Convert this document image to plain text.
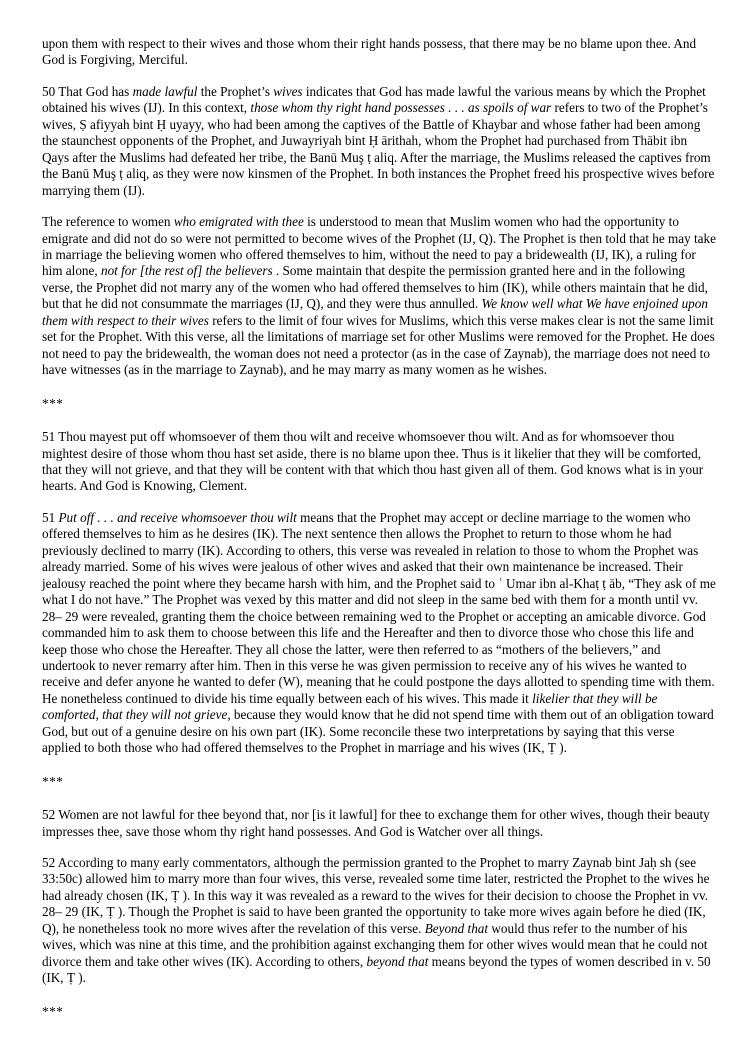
upon them with respect to their wives and those whom their right hands possess, that there may be no blame upon thee. And God is Forgiving, Merciful.

50 That God has made lawful the Prophet’s wives indicates that God has made lawful the various means by which the Prophet obtained his wives (IJ). In this context, those whom thy right hand possesses . . . as spoils of war refers to two of the Prophet’s wives, Ṣ afiyyah bint Ḥ uyayy, who had been among the captives of the Battle of Khaybar and whose father had been among the staunchest opponents of the Prophet, and Juwayriyah bint Ḥ ārithah, whom the Prophet had purchased from Thābit ibn Qays after the Muslims had defeated her tribe, the Banū Muş ṭ aliq. After the marriage, the Muslims released the captives from the Banū Muş ṭ aliq, as they were now kinsmen of the Prophet. In both instances the Prophet freed his prospective wives before marrying them (IJ).

The reference to women who emigrated with thee is understood to mean that Muslim women who had the opportunity to emigrate and did not do so were not permitted to become wives of the Prophet (IJ, Q). The Prophet is then told that he may take in marriage the believing women who offered themselves to him, without the need to pay a bridewealth (IJ, IK), a ruling for him alone, not for [the rest of] the believers . Some maintain that despite the permission granted here and in the following verse, the Prophet did not marry any of the women who had offered themselves to him (IK), while others maintain that he did, but that he did not consummate the marriages (IJ, Q), and they were thus annulled. We know well what We have enjoined upon them with respect to their wives refers to the limit of four wives for Muslims, which this verse makes clear is not the same limit set for the Prophet. With this verse, all the limitations of marriage set for other Muslims were removed for the Prophet. He does not need to pay the bridewealth, the woman does not need a protector (as in the case of Zaynab), the marriage does not need to have witnesses (as in the marriage to Zaynab), and he may marry as many women as he wishes.

***

51 Thou mayest put off whomsoever of them thou wilt and receive whomsoever thou wilt. And as for whomsoever thou mightest desire of those whom thou hast set aside, there is no blame upon thee. Thus is it likelier that they will be comforted, that they will not grieve, and that they will be content with that which thou hast given all of them. God knows what is in your hearts. And God is Knowing, Clement.

51 Put off . . . and receive whomsoever thou wilt means that the Prophet may accept or decline marriage to the women who offered themselves to him as he desires (IK). The next sentence then allows the Prophet to return to those whom he had previously declined to marry (IK). According to others, this verse was revealed in relation to those to whom the Prophet was already married. Some of his wives were jealous of other wives and asked that their own maintenance be increased. Their jealousy reached the point where they became harsh with him, and the Prophet said to ʿ Umar ibn al-Khaṭ ṭ āb, “They ask of me what I do not have.” The Prophet was vexed by this matter and did not sleep in the same bed with them for a month until vv. 28– 29 were revealed, granting them the choice between remaining wed to the Prophet or accepting an amicable divorce. God commanded him to ask them to choose between this life and the Hereafter and then to divorce those who chose this life and keep those who chose the Hereafter. They all chose the latter, were then referred to as “mothers of the believers,” and undertook to never remarry after him. Then in this verse he was given permission to receive any of his wives he wanted to receive and defer anyone he wanted to defer (W), meaning that he could postpone the days allotted to spending time with them. He nonetheless continued to divide his time equally between each of his wives. This made it likelier that they will be comforted, that they will not grieve, because they would know that he did not spend time with them out of an obligation toward God, but out of a genuine desire on his own part (IK). Some reconcile these two interpretations by saying that this verse applied to both those who had offered themselves to the Prophet in marriage and his wives (IK, Ṭ ).

***

52 Women are not lawful for thee beyond that, nor [is it lawful] for thee to exchange them for other wives, though their beauty impresses thee, save those whom thy right hand possesses. And God is Watcher over all things.

52 According to many early commentators, although the permission granted to the Prophet to marry Zaynab bint Jaḥ sh (see 33:50c) allowed him to marry more than four wives, this verse, revealed some time later, restricted the Prophet to the wives he had already chosen (IK, Ṭ ). In this way it was revealed as a reward to the wives for their decision to choose the Prophet in vv. 28– 29 (IK, Ṭ ). Though the Prophet is said to have been granted the opportunity to take more wives again before he died (IK, Q), he nonetheless took no more wives after the revelation of this verse. Beyond that would thus refer to the number of his wives, which was nine at this time, and the prohibition against exchanging them for other wives would mean that he could not divorce them and take other wives (IK). According to others, beyond that means beyond the types of women described in v. 50 (IK, Ṭ ).

***
